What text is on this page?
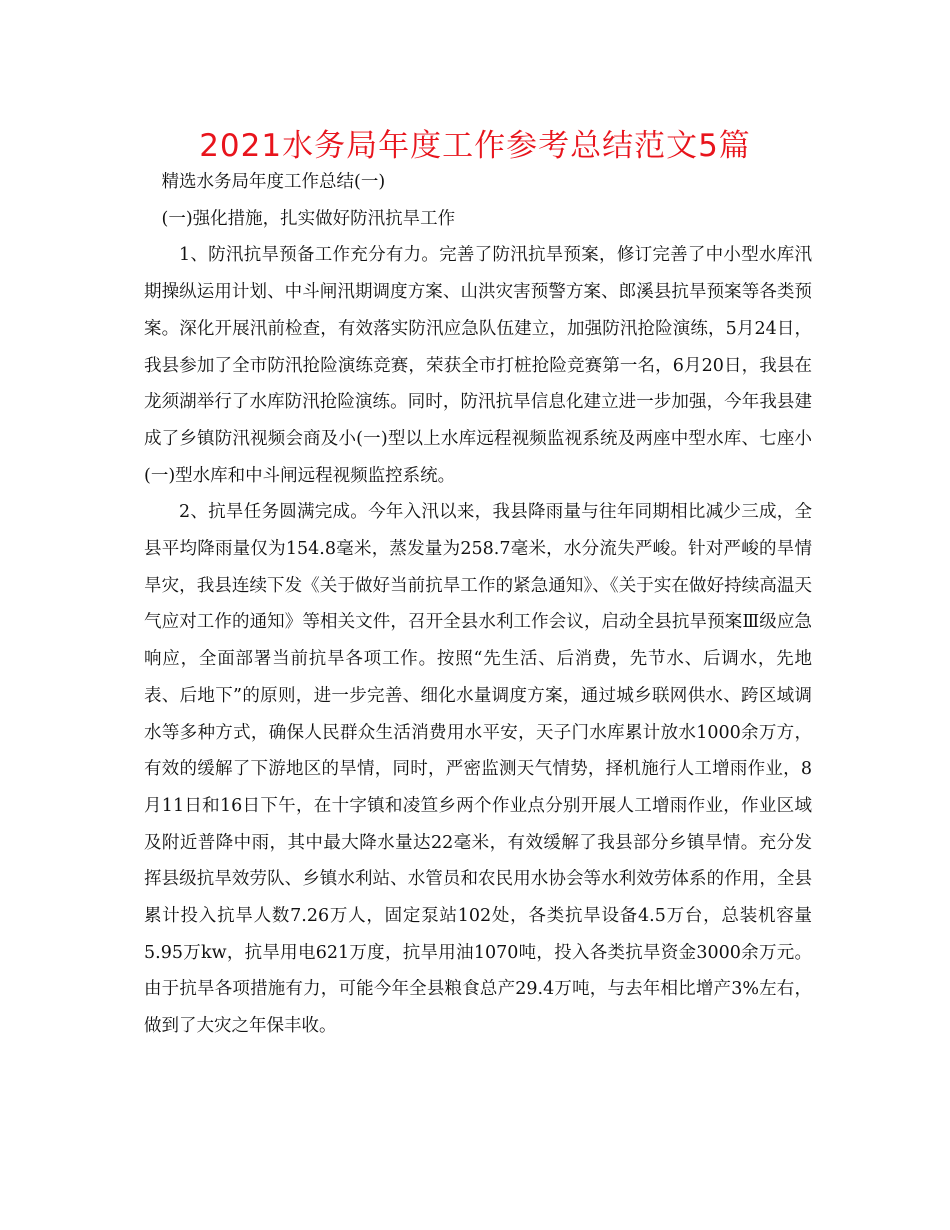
2021水务局年度工作参考总结范文5篇

精选水务局年度工作总结(一)

(一)强化措施，扎实做好防汛抗旱工作

1、防汛抗旱预备工作充分有力。完善了防汛抗旱预案，修订完善了中小型水库汛期操纵运用计划、中斗闸汛期调度方案、山洪灾害预警方案、郎溪县抗旱预案等各类预案。深化开展汛前检查，有效落实防汛应急队伍建立，加强防汛抢险演练，5月24日，我县参加了全市防汛抢险演练竞赛，荣获全市打桩抢险竞赛第一名，6月20日，我县在龙须湖举行了水库防汛抢险演练。同时，防汛抗旱信息化建立进一步加强，今年我县建成了乡镇防汛视频会商及小(一)型以上水库远程视频监视系统及两座中型水库、七座小(一)型水库和中斗闸远程视频监控系统。

2、抗旱任务圆满完成。今年入汛以来，我县降雨量与往年同期相比减少三成，全县平均降雨量仅为154.8毫米，蒸发量为258.7毫米，水分流失严峻。针对严峻的旱情旱灾，我县连续下发《关于做好当前抗旱工作的紧急通知》、《关于实在做好持续高温天气应对工作的通知》等相关文件，召开全县水利工作会议，启动全县抗旱预案Ⅲ级应急响应，全面部署当前抗旱各项工作。按照“先生活、后消费，先节水、后调水，先地表、后地下”的原则，进一步完善、细化水量调度方案，通过城乡联网供水、跨区域调水等多种方式，确保人民群众生活消费用水平安，天子门水库累计放水1000余万方，有效的缓解了下游地区的旱情，同时，严密监测天气情势，择机施行人工增雨作业，8月11日和16日下午，在十字镇和凌笪乡两个作业点分别开展人工增雨作业，作业区域及附近普降中雨，其中最大降水量达22毫米，有效缓解了我县部分乡镇旱情。充分发挥县级抗旱效劳队、乡镇水利站、水管员和农民用水协会等水利效劳体系的作用，全县累计投入抗旱人数7.26万人，固定泵站102处，各类抗旱设备4.5万台，总装机容量5.95万kw，抗旱用电621万度，抗旱用油1070吨，投入各类抗旱资金3000余万元。由于抗旱各项措施有力，可能今年全县粮食总产29.4万吨，与去年相比增产3%左右，做到了大灾之年保丰收。
